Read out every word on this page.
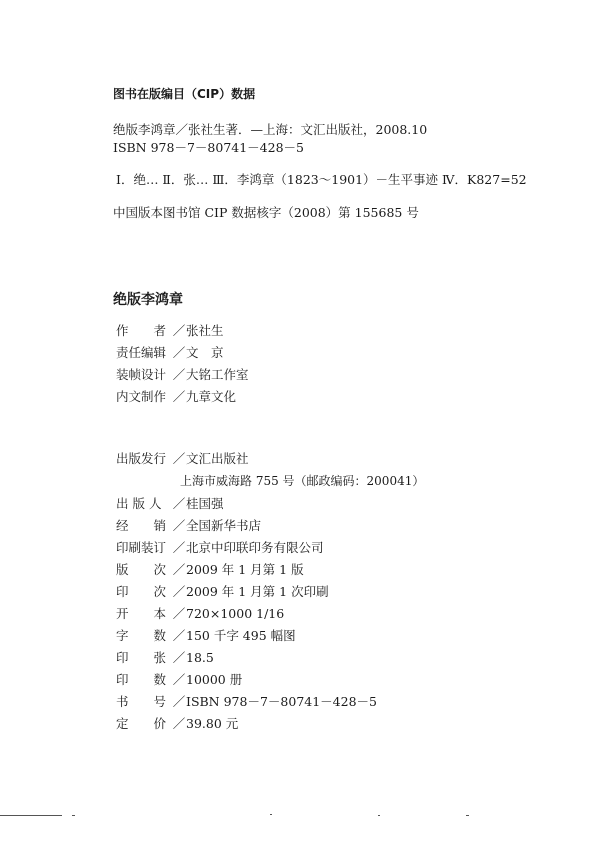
图书在版编目（CIP）数据
绝版李鸿章／张社生著．—上海：文汇出版社，2008.10
ISBN 978－7－80741－428－5
Ⅰ．绝… Ⅱ．张… Ⅲ．李鸿章（1823～1901）－生平事迹 Ⅳ．K827=52
中国版本图书馆 CIP 数据核字（2008）第 155685 号
绝版李鸿章
作　　者 ／张社生
责任编辑 ／文　京
装帧设计 ／大铭工作室
内文制作 ／九章文化
出版发行 ／文汇出版社
上海市威海路 755 号（邮政编码：200041）
出 版 人 ／桂国强
经　　销 ／全国新华书店
印刷装订 ／北京中印联印务有限公司
版　　次 ／2009 年 1 月第 1 版
印　　次 ／2009 年 1 月第 1 次印刷
开　　本 ／720×1000 1/16
字　　数 ／150 千字 495 幅图
印　　张 ／18.5
印　　数 ／10000 册
书　　号 ／ISBN 978－7－80741－428－5
定　　价 ／39.80 元
